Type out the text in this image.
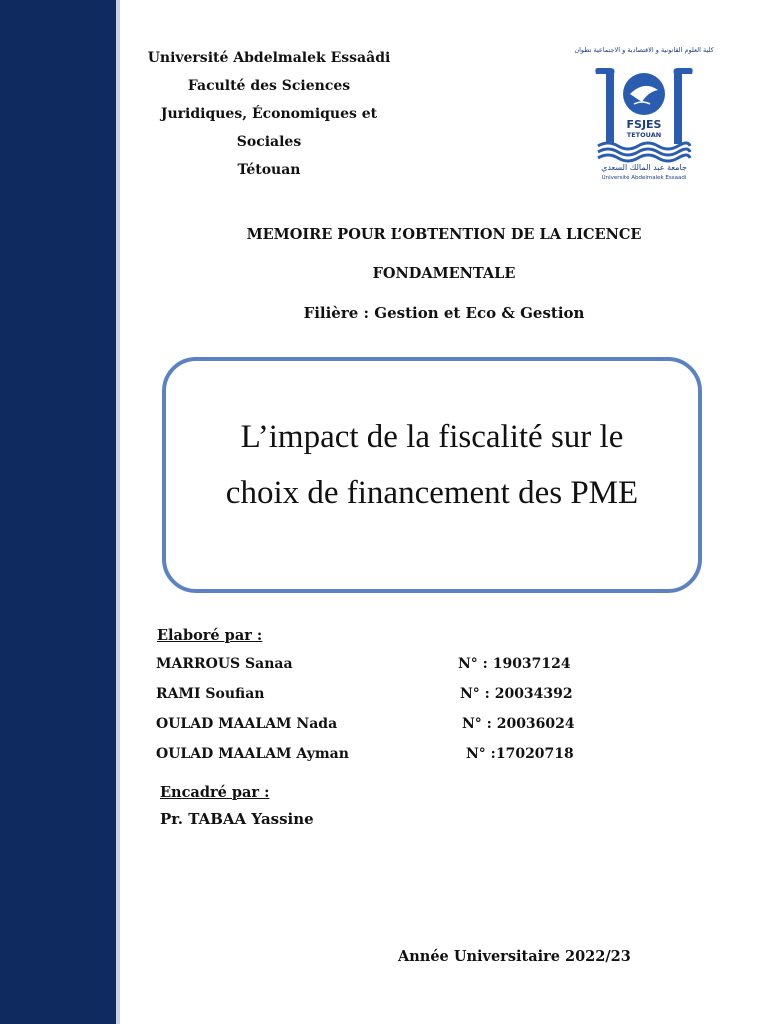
Université Abdelmalek Essaâdi
Faculté des Sciences
Juridiques, Économiques et
Sociales
Tétouan
كلية العلوم القانونية و الاقتصادية و الاجتماعية تطوان
FSJES
TETOUAN
جامعة عبد المالك السعدي
Université Abdelmalek Essaadi
MEMOIRE POUR L’OBTENTION DE LA LICENCE
FONDAMENTALE
Filière : Gestion et Eco & Gestion
L’impact de la fiscalité sur le
choix de financement des PME
Elaboré par :
MARROUS Sanaa	N° : 19037124
RAMI Soufian	N° : 20034392
OULAD MAALAM Nada	N° : 20036024
OULAD MAALAM Ayman	N° :17020718
Encadré par :
Pr. TABAA Yassine
Année Universitaire 2022/23
